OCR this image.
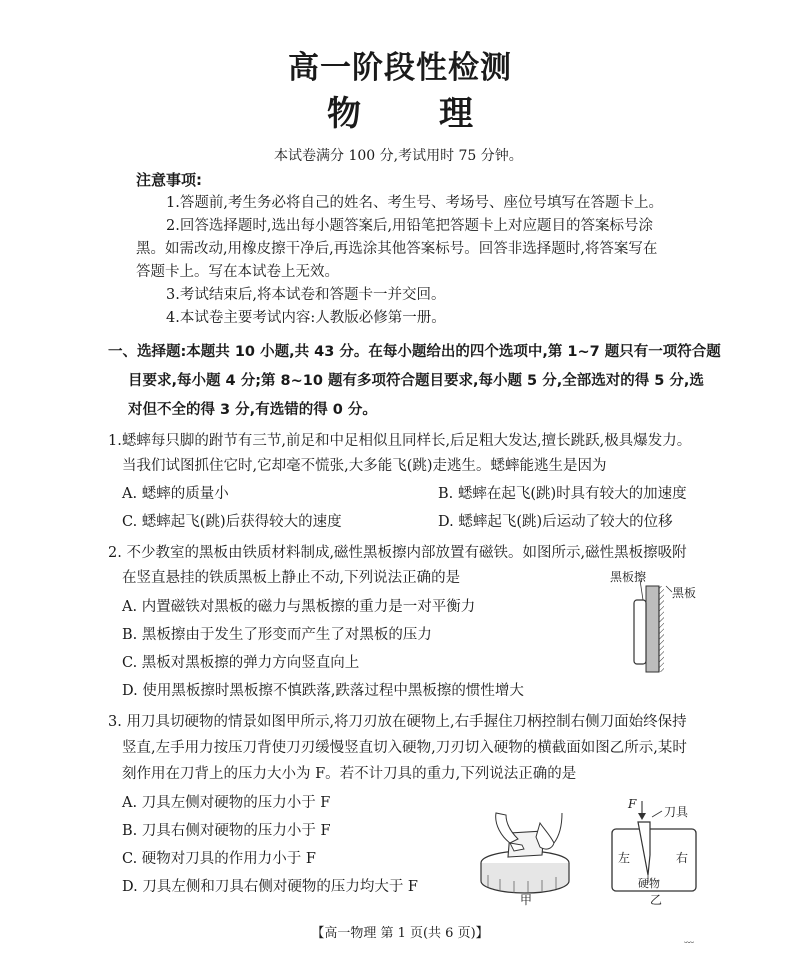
高一阶段性检测
物 理
本试卷满分 100 分,考试用时 75 分钟。
注意事项:
1.答题前,考生务必将自己的姓名、考生号、考场号、座位号填写在答题卡上。
2.回答选择题时,选出每小题答案后,用铅笔把答题卡上对应题目的答案标号涂
黑。如需改动,用橡皮擦干净后,再选涂其他答案标号。回答非选择题时,将答案写在
答题卡上。写在本试卷上无效。
3.考试结束后,将本试卷和答题卡一并交回。
4.本试卷主要考试内容:人教版必修第一册。
一、选择题:本题共 10 小题,共 43 分。在每小题给出的四个选项中,第 1~7 题只有一项符合题
目要求,每小题 4 分;第 8~10 题有多项符合题目要求,每小题 5 分,全部选对的得 5 分,选
对但不全的得 3 分,有选错的得 0 分。
1.蟋蟀每只脚的跗节有三节,前足和中足相似且同样长,后足粗大发达,擅长跳跃,极具爆发力。
当我们试图抓住它时,它却毫不慌张,大多能飞(跳)走逃生。蟋蟀能逃生是因为
A. 蟋蟀的质量小	B. 蟋蟀在起飞(跳)时具有较大的加速度
C. 蟋蟀起飞(跳)后获得较大的速度	D. 蟋蟀起飞(跳)后运动了较大的位移
2. 不少教室的黑板由铁质材料制成,磁性黑板擦内部放置有磁铁。如图所示,磁性黑板擦吸附
在竖直悬挂的铁质黑板上静止不动,下列说法正确的是
A. 内置磁铁对黑板的磁力与黑板擦的重力是一对平衡力
B. 黑板擦由于发生了形变而产生了对黑板的压力
C. 黑板对黑板擦的弹力方向竖直向上
D. 使用黑板擦时黑板擦不慎跌落,跌落过程中黑板擦的惯性增大
黑板擦
黑板
3. 用刀具切硬物的情景如图甲所示,将刀刃放在硬物上,右手握住刀柄控制右侧刀面始终保持
竖直,左手用力按压刀背使刀刃缓慢竖直切入硬物,刀刃切入硬物的横截面如图乙所示,某时
刻作用在刀背上的压力大小为 F。若不计刀具的重力,下列说法正确的是
A. 刀具左侧对硬物的压力小于 F
B. 刀具右侧对硬物的压力小于 F
C. 硬物对刀具的作用力小于 F
D. 刀具左侧和刀具右侧对硬物的压力均大于 F
甲
F
刀具
左	右
硬物
乙
【高一物理 第 1 页(共 6 页)】	﹏
